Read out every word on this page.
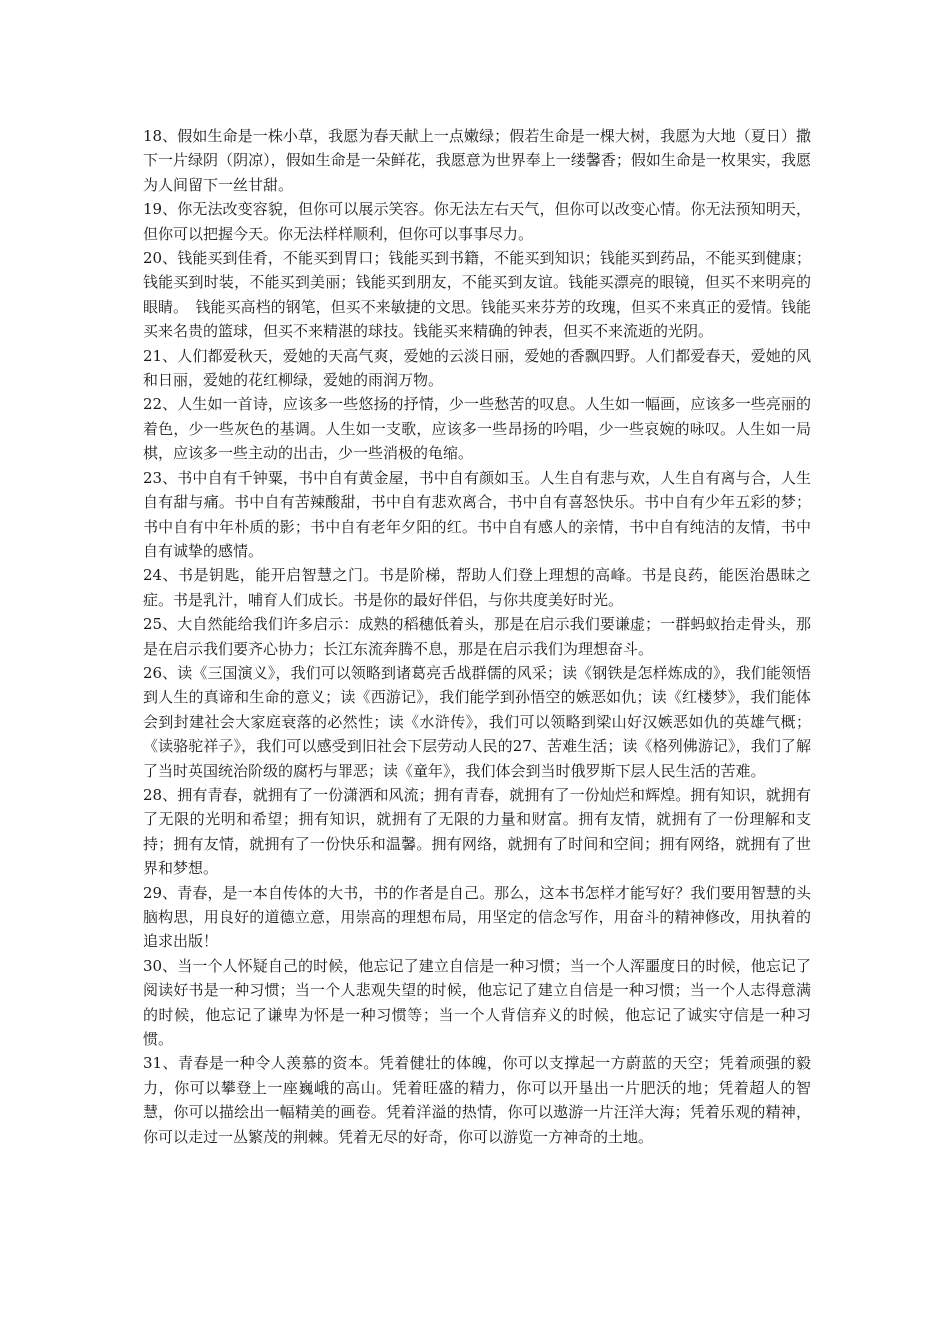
18、假如生命是一株小草，我愿为春天献上一点嫩绿；假若生命是一棵大树，我愿为大地（夏日）撒下一片绿阴（阴凉），假如生命是一朵鲜花，我愿意为世界奉上一缕馨香；假如生命是一枚果实，我愿为人间留下一丝甘甜。

19、你无法改变容貌，但你可以展示笑容。你无法左右天气，但你可以改变心情。你无法预知明天，但你可以把握今天。你无法样样顺利，但你可以事事尽力。

20、钱能买到佳肴，不能买到胃口；钱能买到书籍，不能买到知识；钱能买到药品，不能买到健康；钱能买到时装，不能买到美丽；钱能买到朋友，不能买到友谊。钱能买漂亮的眼镜，但买不来明亮的眼睛。　钱能买高档的钢笔，但买不来敏捷的文思。钱能买来芬芳的玫瑰，但买不来真正的爱情。钱能买来名贵的篮球，但买不来精湛的球技。钱能买来精确的钟表，但买不来流逝的光阴。

21、人们都爱秋天，爱她的天高气爽，爱她的云淡日丽，爱她的香飘四野。人们都爱春天，爱她的风和日丽，爱她的花红柳绿，爱她的雨润万物。

22、人生如一首诗，应该多一些悠扬的抒情，少一些愁苦的叹息。人生如一幅画，应该多一些亮丽的着色，少一些灰色的基调。人生如一支歌，应该多一些昂扬的吟唱，少一些哀婉的咏叹。人生如一局棋，应该多一些主动的出击，少一些消极的龟缩。

23、书中自有千钟粟，书中自有黄金屋，书中自有颜如玉。人生自有悲与欢，人生自有离与合，人生自有甜与痛。书中自有苦辣酸甜，书中自有悲欢离合，书中自有喜怒快乐。书中自有少年五彩的梦；书中自有中年朴质的影；书中自有老年夕阳的红。书中自有感人的亲情，书中自有纯洁的友情，书中自有诚挚的感情。

24、书是钥匙，能开启智慧之门。书是阶梯，帮助人们登上理想的高峰。书是良药，能医治愚昧之症。书是乳汁，哺育人们成长。书是你的最好伴侣，与你共度美好时光。

25、大自然能给我们许多启示：成熟的稻穗低着头，那是在启示我们要谦虚；一群蚂蚁抬走骨头，那是在启示我们要齐心协力；长江东流奔腾不息，那是在启示我们为理想奋斗。

26、读《三国演义》，我们可以领略到诸葛亮舌战群儒的风采；读《钢铁是怎样炼成的》，我们能领悟到人生的真谛和生命的意义；读《西游记》，我们能学到孙悟空的嫉恶如仇；读《红楼梦》，我们能体会到封建社会大家庭衰落的必然性；读《水浒传》，我们可以领略到梁山好汉嫉恶如仇的英雄气概；《读骆驼祥子》，我们可以感受到旧社会下层劳动人民的27、苦难生活；读《格列佛游记》，我们了解了当时英国统治阶级的腐朽与罪恶；读《童年》，我们体会到当时俄罗斯下层人民生活的苦难。

28、拥有青春，就拥有了一份潇洒和风流；拥有青春，就拥有了一份灿烂和辉煌。拥有知识，就拥有了无限的光明和希望；拥有知识，就拥有了无限的力量和财富。拥有友情，就拥有了一份理解和支持；拥有友情，就拥有了一份快乐和温馨。拥有网络，就拥有了时间和空间；拥有网络，就拥有了世界和梦想。

29、青春，是一本自传体的大书，书的作者是自己。那么，这本书怎样才能写好？我们要用智慧的头脑构思，用良好的道德立意，用崇高的理想布局，用坚定的信念写作，用奋斗的精神修改，用执着的追求出版！

30、当一个人怀疑自己的时候，他忘记了建立自信是一种习惯；当一个人浑噩度日的时候，他忘记了阅读好书是一种习惯；当一个人悲观失望的时候，他忘记了建立自信是一种习惯；当一个人志得意满的时候，他忘记了谦卑为怀是一种习惯等；当一个人背信弃义的时候，他忘记了诚实守信是一种习惯。

31、青春是一种令人羡慕的资本。凭着健壮的体魄，你可以支撑起一方蔚蓝的天空；凭着顽强的毅力，你可以攀登上一座巍峨的高山。凭着旺盛的精力，你可以开垦出一片肥沃的地；凭着超人的智慧，你可以描绘出一幅精美的画卷。凭着洋溢的热情，你可以遨游一片汪洋大海；凭着乐观的精神，你可以走过一丛繁茂的荆棘。凭着无尽的好奇，你可以游览一方神奇的土地。
